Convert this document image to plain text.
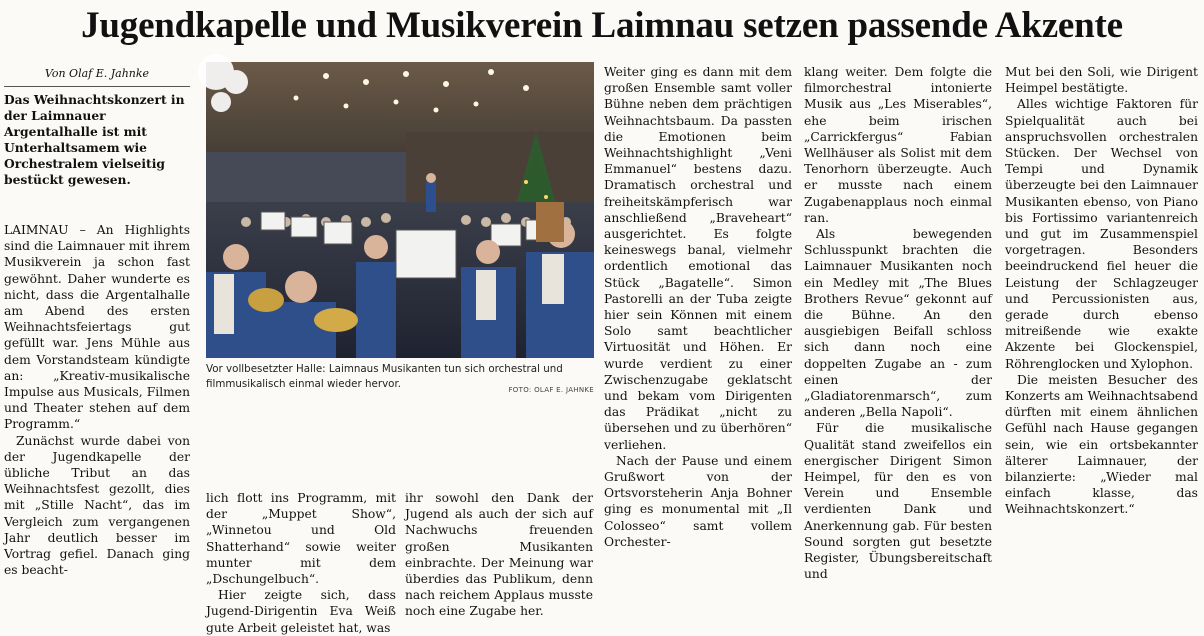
Jugendkapelle und Musikverein Laimnau setzen passende Akzente
Von Olaf E. Jahnke

Das Weihnachtskonzert in der Laimnauer Argentalhalle ist mit Unterhaltsamem wie Orchestralem vielseitig bestückt gewesen.

LAIMNAU – An Highlights sind die Laimnauer mit ihrem Musikverein ja schon fast gewöhnt. Daher wunderte es nicht, dass die Argentalhalle am Abend des ersten Weihnachtsfeiertags gut gefüllt war. Jens Mühle aus dem Vorstandsteam kündigte an: „Kreativ-musikalische Impulse aus Musicals, Filmen und Theater stehen auf dem Programm.“

Zunächst wurde dabei von der Jugendkapelle der übliche Tribut an das Weihnachtsfest gezollt, dies mit „Stille Nacht“, das im Vergleich zum vergangenen Jahr deutlich besser im Vortrag gefiel. Danach ging es beacht-

Vor vollbesetzter Halle: Laimnaus Musikanten tun sich orchestral und filmmusikalisch einmal wieder hervor.	FOTO: OLAF E. JAHNKE

lich flott ins Programm, mit der „Muppet Show“, „Winnetou und Old Shatterhand“ sowie weiter munter mit dem „Dschungelbuch“.

Hier zeigte sich, dass Jugend-Dirigentin Eva Weiß gute Arbeit geleistet hat, was

ihr sowohl den Dank der Jugend als auch der sich auf Nachwuchs freuenden großen Musikanten einbrachte. Der Meinung war überdies das Publikum, denn nach reichem Applaus musste noch eine Zugabe her.

Weiter ging es dann mit dem großen Ensemble samt voller Bühne neben dem prächtigen Weihnachtsbaum. Da passten die Emotionen beim Weihnachtshighlight „Veni Emmanuel“ bestens dazu. Dramatisch orchestral und freiheitskämpferisch war anschließend „Braveheart“ ausgerichtet. Es folgte keineswegs banal, vielmehr ordentlich emotional das Stück „Bagatelle“. Simon Pastorelli an der Tuba zeigte hier sein Können mit einem Solo samt beachtlicher Virtuosität und Höhen. Er wurde verdient zu einer Zwischenzugabe geklatscht und bekam vom Dirigenten das Prädikat „nicht zu übersehen und zu überhören“ verliehen.

Nach der Pause und einem Grußwort von der Ortsvorsteherin Anja Bohner ging es monumental mit „Il Colosseo“ samt vollem Orchester-

klang weiter. Dem folgte die filmorchestral intonierte Musik aus „Les Miserables“, ehe beim irischen „Carrickfergus“ Fabian Wellhäuser als Solist mit dem Tenorhorn überzeugte. Auch er musste nach einem Zugabenapplaus noch einmal ran.

Als bewegenden Schlusspunkt brachten die Laimnauer Musikanten noch ein Medley mit „The Blues Brothers Revue“ gekonnt auf die Bühne. An den ausgiebigen Beifall schloss sich dann noch eine doppelten Zugabe an - zum einen der „Gladiatorenmarsch“, zum anderen „Bella Napoli“.

Für die musikalische Qualität stand zweifellos ein energischer Dirigent Simon Heimpel, für den es von Verein und Ensemble verdienten Dank und Anerkennung gab. Für besten Sound sorgten gut besetzte Register, Übungsbereitschaft und

Mut bei den Soli, wie Dirigent Heimpel bestätigte.

Alles wichtige Faktoren für Spielqualität auch bei anspruchsvollen orchestralen Stücken. Der Wechsel von Tempi und Dynamik überzeugte bei den Laimnauer Musikanten ebenso, von Piano bis Fortissimo variantenreich und gut im Zusammenspiel vorgetragen. Besonders beeindruckend fiel heuer die Leistung der Schlagzeuger und Percussionisten aus, gerade durch ebenso mitreißende wie exakte Akzente bei Glockenspiel, Röhrenglocken und Xylophon.

Die meisten Besucher des Konzerts am Weihnachtsabend dürften mit einem ähnlichen Gefühl nach Hause gegangen sein, wie ein ortsbekannter älterer Laimnauer, der bilanzierte: „Wieder mal einfach klasse, das Weihnachtskonzert.“
